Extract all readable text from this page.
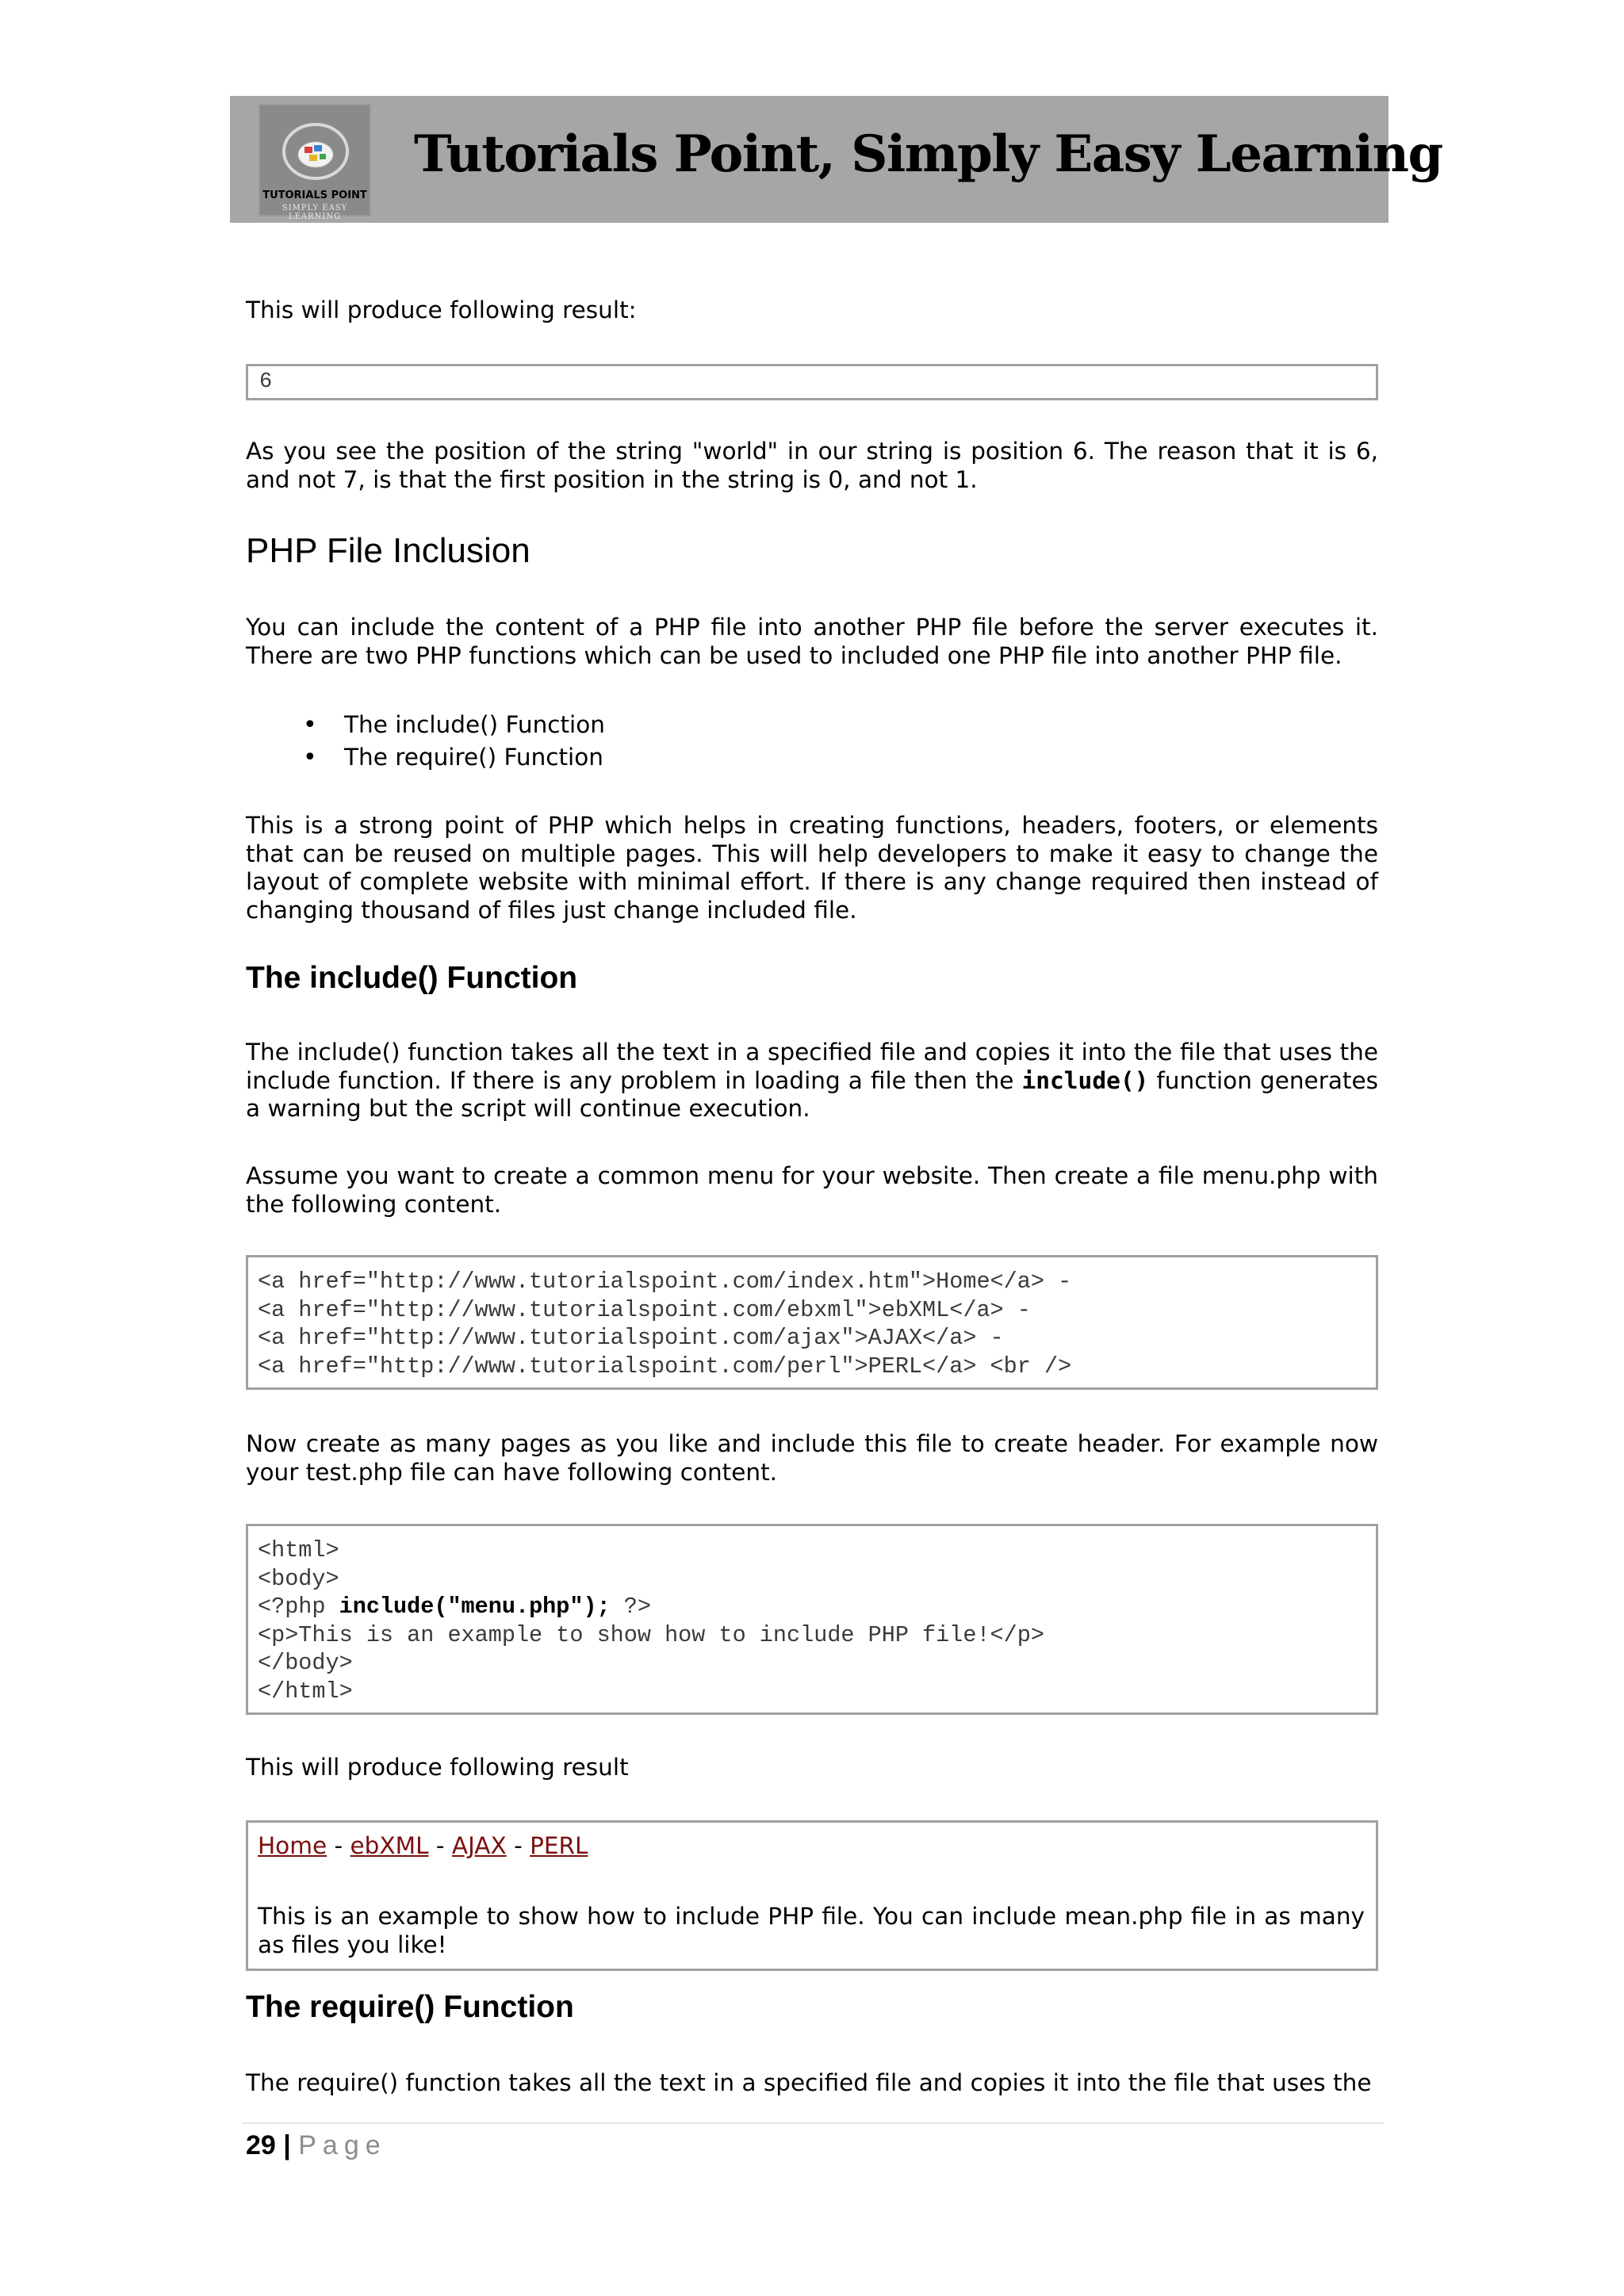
TUTORIALS POINT
SIMPLY EASY LEARNING
Tutorials Point, Simply Easy Learning
This will produce following result:
6
As you see the position of the string "world" in our string is position 6. The reason that it is 6, and not 7, is that the first position in the string is 0, and not 1.
PHP File Inclusion
You can include the content of a PHP file into another PHP file before the server executes it. There are two PHP functions which can be used to included one PHP file into another PHP file.
• The include() Function
• The require() Function
This is a strong point of PHP which helps in creating functions, headers, footers, or elements that can be reused on multiple pages. This will help developers to make it easy to change the layout of complete website with minimal effort. If there is any change required then instead of changing thousand of files just change included file.
The include() Function
The include() function takes all the text in a specified file and copies it into the file that uses the include function. If there is any problem in loading a file then the include() function generates a warning but the script will continue execution.
Assume you want to create a common menu for your website. Then create a file menu.php with the following content.
<a href="http://www.tutorialspoint.com/index.htm">Home</a> -
<a href="http://www.tutorialspoint.com/ebxml">ebXML</a> -
<a href="http://www.tutorialspoint.com/ajax">AJAX</a> -
<a href="http://www.tutorialspoint.com/perl">PERL</a> <br />
Now create as many pages as you like and include this file to create header. For example now your test.php file can have following content.
<html>
<body>
<?php include("menu.php"); ?>
<p>This is an example to show how to include PHP file!</p>
</body>
</html>
This will produce following result
Home - ebXML - AJAX - PERL
This is an example to show how to include PHP file. You can include mean.php file in as many as files you like!
The require() Function
The require() function takes all the text in a specified file and copies it into the file that uses the
29 | Page
